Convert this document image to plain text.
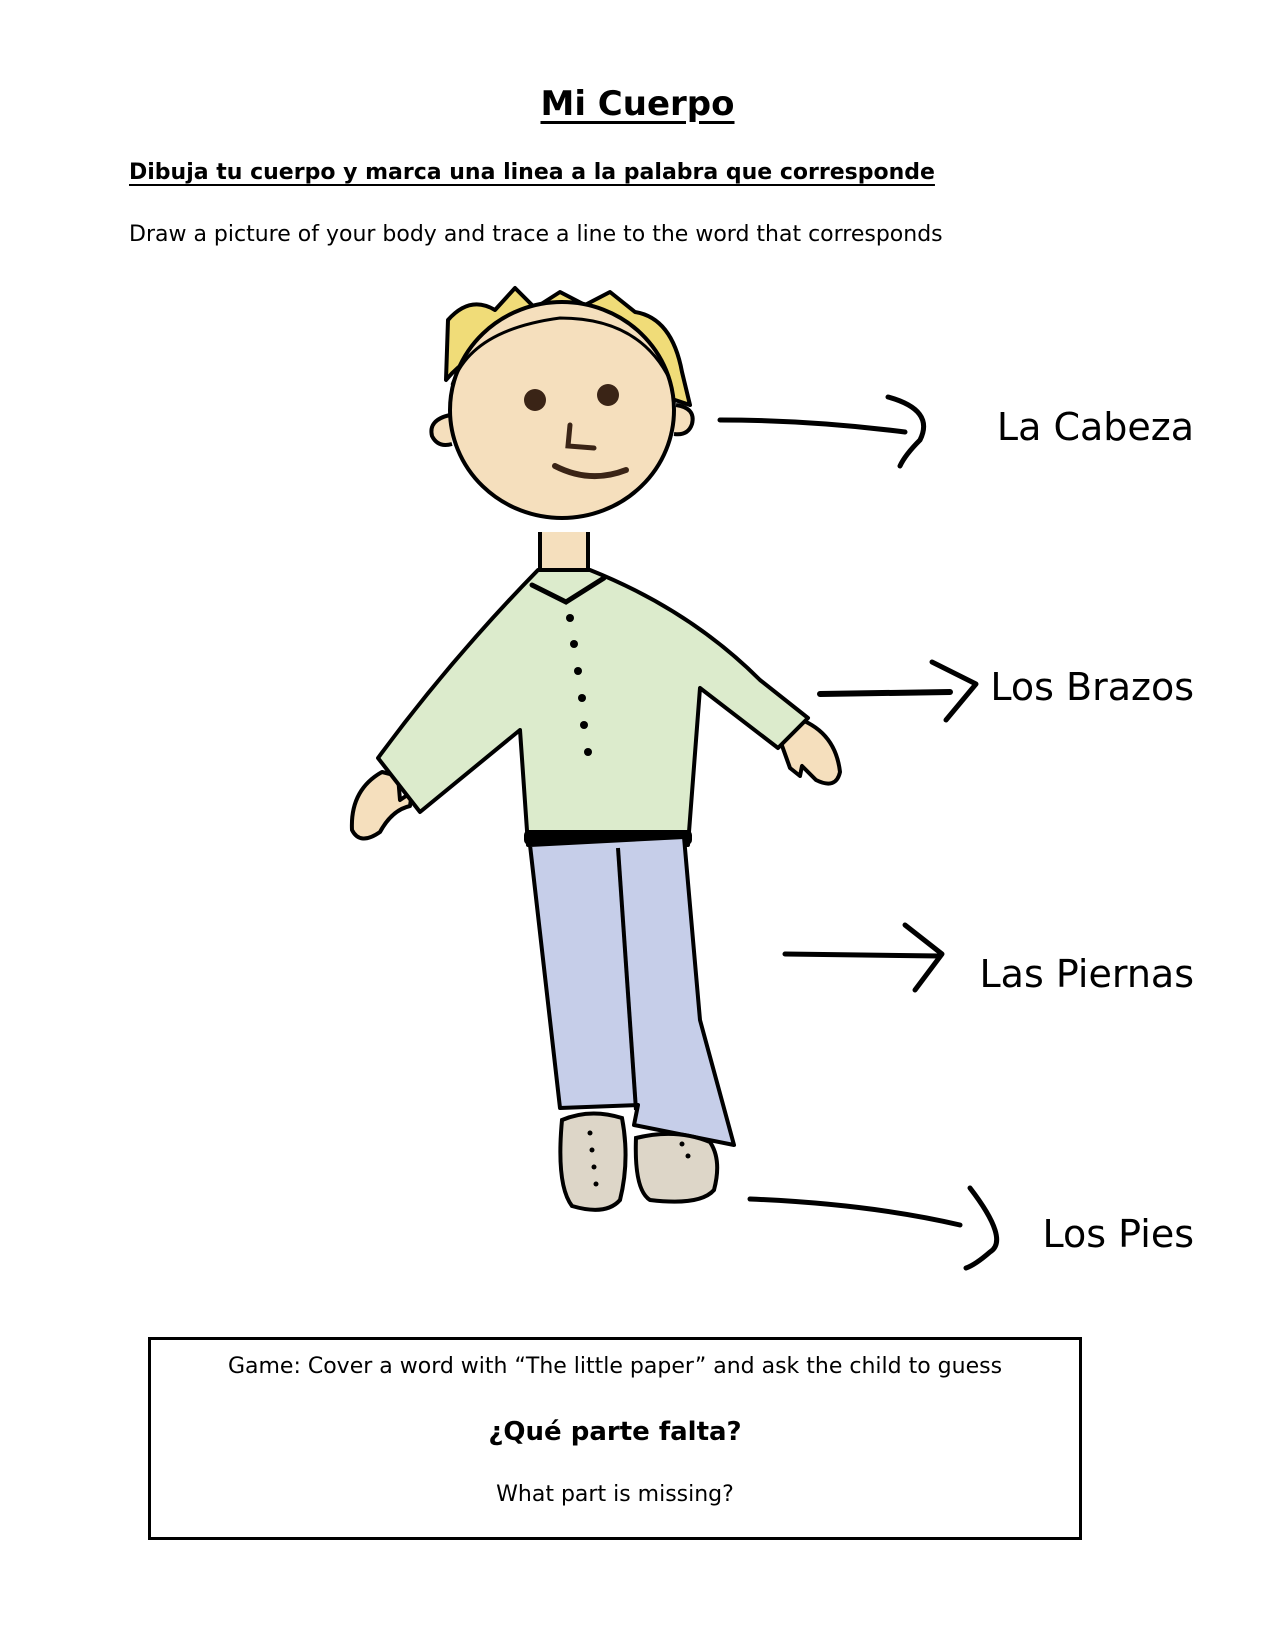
Mi Cuerpo
Dibuja tu cuerpo y marca una linea a la palabra que corresponde
Draw a picture of your body and trace a line to the word that corresponds
La Cabeza
Los Brazos
Las Piernas
Los Pies
Game: Cover a word with “The little paper” and ask the child to guess
¿Qué parte falta?
What part is missing?
